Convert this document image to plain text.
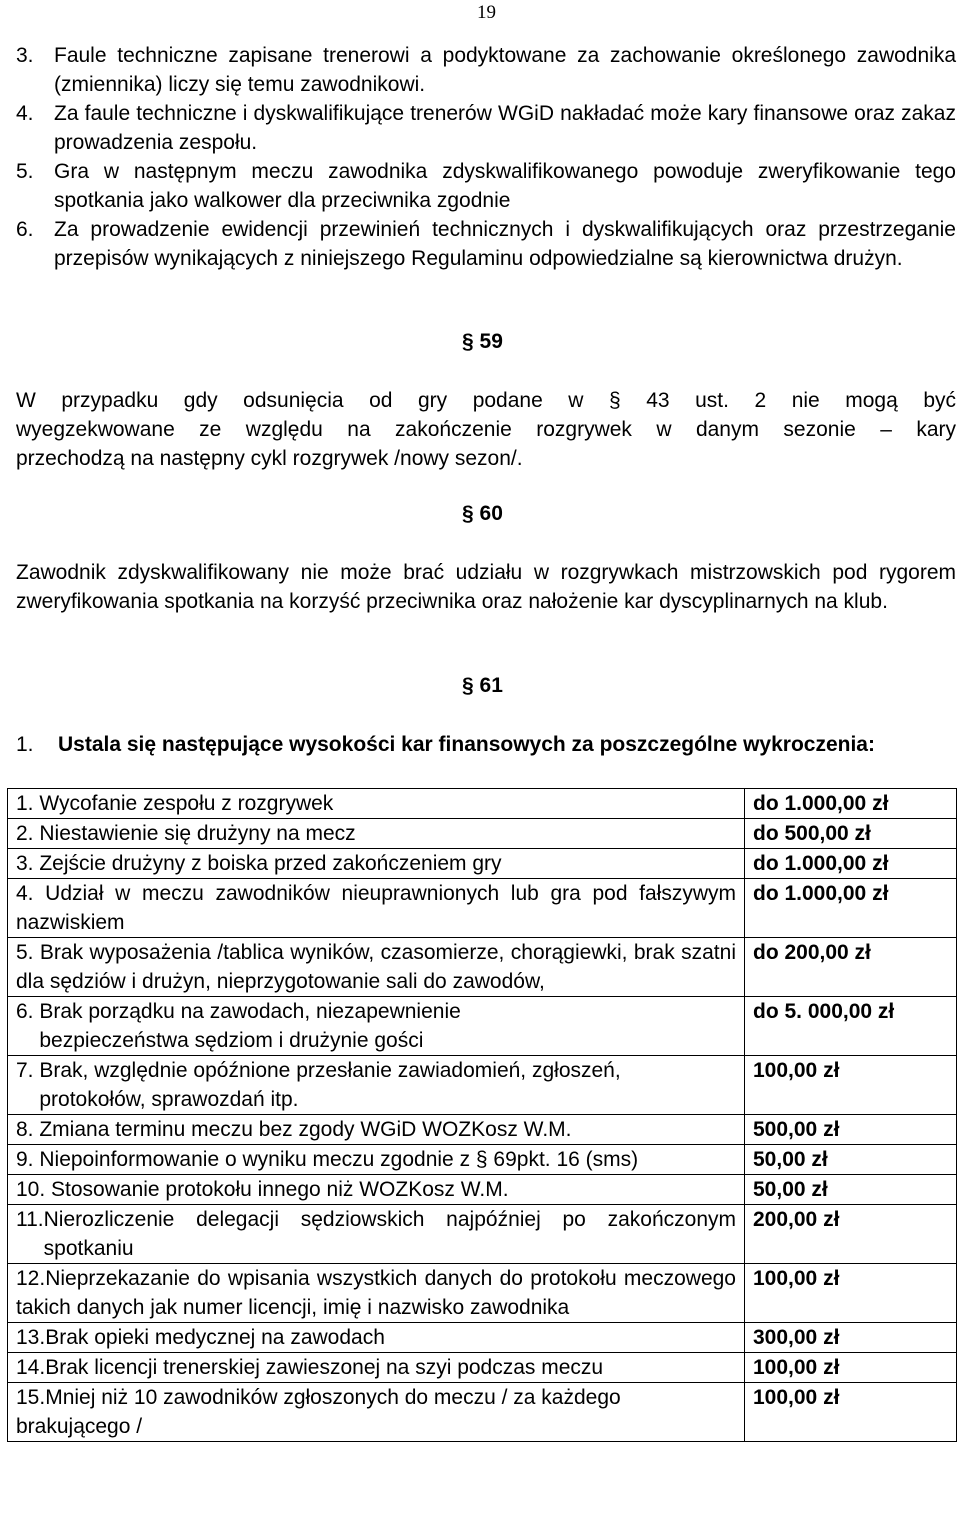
19
3. Faule techniczne zapisane trenerowi a podyktowane za zachowanie określonego zawodnika (zmiennika) liczy się temu zawodnikowi.
4. Za faule techniczne i dyskwalifikujące trenerów WGiD nakładać może kary finansowe oraz zakaz prowadzenia zespołu.
5. Gra w następnym meczu zawodnika zdyskwalifikowanego powoduje zweryfikowanie tego spotkania jako walkower dla przeciwnika zgodnie
6. Za prowadzenie ewidencji przewinień technicznych i dyskwalifikujących oraz przestrzeganie przepisów wynikających z niniejszego Regulaminu odpowiedzialne są kierownictwa drużyn.
§ 59
W przypadku gdy odsunięcia od gry podane w § 43 ust. 2 nie mogą być
wyegzekwowane ze względu na zakończenie rozgrywek w danym sezonie – kary
przechodzą na następny cykl rozgrywek /nowy sezon/.
§ 60
Zawodnik zdyskwalifikowany nie może brać udziału w rozgrywkach mistrzowskich pod rygorem zweryfikowania spotkania na korzyść przeciwnika oraz nałożenie kar dyscyplinarnych na klub.
§ 61
1.	Ustala się następujące wysokości kar finansowych za poszczególne wykroczenia:
1. Wycofanie zespołu z rozgrywek	do 1.000,00 zł

2. Niestawienie się drużyny na mecz	do 500,00 zł

3. Zejście drużyny z boiska przed zakończeniem gry	do 1.000,00 zł

4. Udział w meczu zawodników nieuprawnionych lub gra pod fałszywym nazwiskiem	do 1.000,00 zł

5. Brak wyposażenia /tablica wyników, czasomierze, chorągiewki, brak szatni dla sędziów i drużyn, nieprzygotowanie sali do zawodów,	do 200,00 zł

6. Brak porządku na zawodach, niezapewnienie bezpieczeństwa sędziom i drużynie gości	do 5. 000,00 zł

7. Brak, względnie opóźnione przesłanie zawiadomień, zgłoszeń, protokołów, sprawozdań itp.	100,00 zł

8. Zmiana terminu meczu bez zgody WGiD WOZKosz W.M.	500,00 zł

9. Niepoinformowanie o wyniku meczu zgodnie z § 69pkt. 16 (sms)	50,00 zł

10. Stosowanie protokołu innego niż WOZKosz W.M.	50,00 zł

11. Nierozliczenie delegacji sędziowskich najpóźniej po zakończonym spotkaniu	200,00 zł

12.Nieprzekazanie do wpisania wszystkich danych do protokołu meczowego takich danych jak numer licencji, imię i nazwisko zawodnika	100,00 zł

13. Brak opieki medycznej na zawodach	300,00 zł

14. Brak licencji trenerskiej zawieszonej na szyi podczas meczu	100,00 zł

15.Mniej niż 10 zawodników zgłoszonych do meczu / za każdego brakującego /	100,00 zł
